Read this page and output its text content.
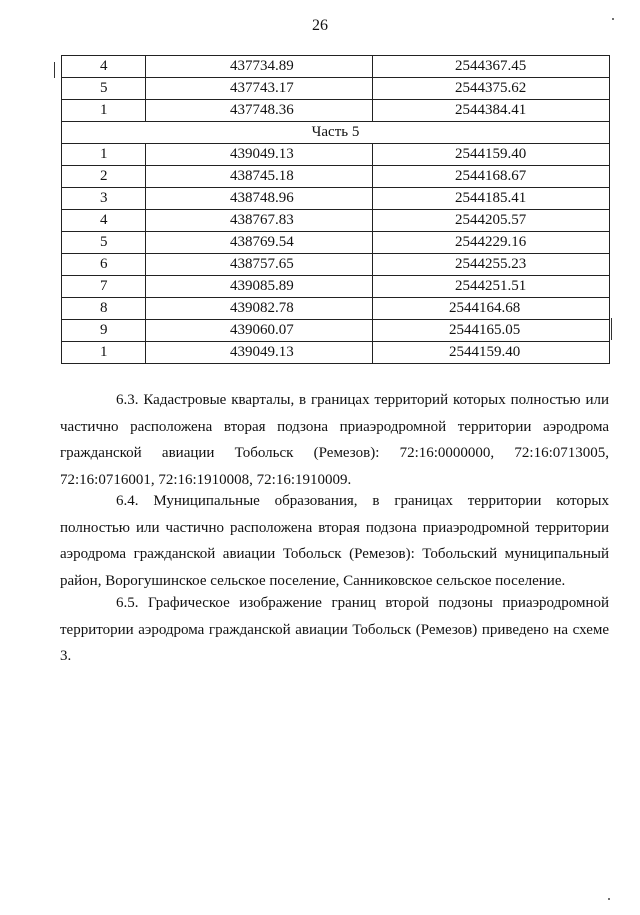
26
4	437734.89	2544367.45
5	437743.17	2544375.62
1	437748.36	2544384.41
Часть 5		
1	439049.13	2544159.40
2	438745.18	2544168.67
3	438748.96	2544185.41
4	438767.83	2544205.57
5	438769.54	2544229.16
6	438757.65	2544255.23
7	439085.89	2544251.51
8	439082.78	2544164.68
9	439060.07	2544165.05
1	439049.13	2544159.40

6.3. Кадастровые кварталы, в границах территорий которых полностью или частично расположена вторая подзона приаэродромной территории аэродрома гражданской авиации Тобольск (Ремезов): 72:16:0000000, 72:16:0713005, 72:16:0716001, 72:16:1910008, 72:16:1910009.

6.4. Муниципальные образования, в границах территории которых полностью или частично расположена вторая подзона приаэродромной территории аэродрома гражданской авиации Тобольск (Ремезов): Тобольский муниципальный район, Ворогушинское сельское поселение, Санниковское сельское поселение.

6.5. Графическое изображение границ второй подзоны приаэродромной территории аэродрома гражданской авиации Тобольск (Ремезов) приведено на схеме 3.
